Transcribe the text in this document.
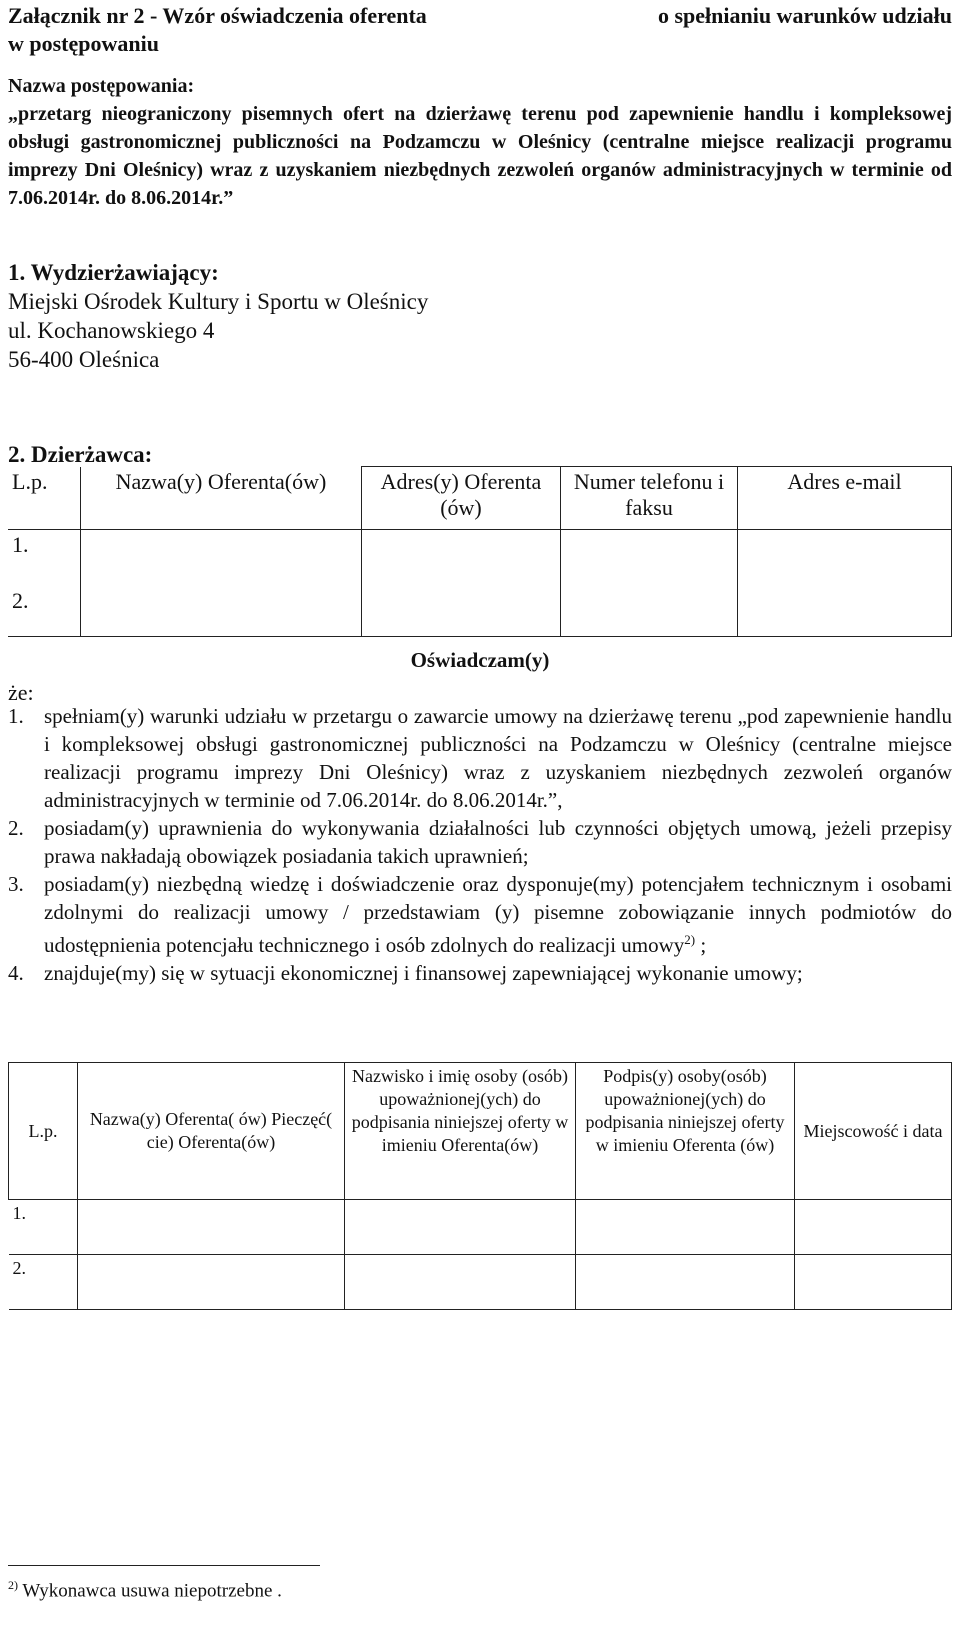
Załącznik nr 2 - Wzór oświadczenia oferenta	o spełnianiu warunków udziału
w postępowaniu
Nazwa postępowania:
„przetarg nieograniczony pisemnych ofert na dzierżawę terenu pod zapewnienie handlu i kompleksowej obsługi gastronomicznej publiczności na Podzamczu w Oleśnicy (centralne miejsce realizacji programu imprezy Dni Oleśnicy) wraz z uzyskaniem niezbędnych zezwoleń organów administracyjnych w terminie od 7.06.2014r. do 8.06.2014r.”
1. Wydzierżawiający:
Miejski Ośrodek Kultury i Sportu w Oleśnicy
ul. Kochanowskiego 4
56-400 Oleśnica
2. Dzierżawca:
L.p.	Nazwa(y) Oferenta(ów)	Adres(y) Oferenta (ów)	Numer telefonu i faksu	Adres e-mail
1.				
2.				
Oświadczam(y)
że:
1. spełniam(y) warunki udziału w przetargu o zawarcie umowy na dzierżawę terenu „pod zapewnienie handlu i kompleksowej obsługi gastronomicznej publiczności na Podzamczu w Oleśnicy (centralne miejsce realizacji programu imprezy Dni Oleśnicy) wraz z uzyskaniem niezbędnych zezwoleń organów administracyjnych w terminie od 7.06.2014r. do 8.06.2014r.”,
2. posiadam(y) uprawnienia do wykonywania działalności lub czynności objętych umową, jeżeli przepisy prawa nakładają obowiązek posiadania takich uprawnień;
3. posiadam(y) niezbędną wiedzę i doświadczenie oraz dysponuje(my) potencjałem technicznym i osobami zdolnymi do realizacji umowy / przedstawiam (y) pisemne zobowiązanie innych podmiotów do udostępnienia potencjału technicznego i osób zdolnych do realizacji umowy$^{2)}$ ;
4. znajduje(my) się w sytuacji ekonomicznej i finansowej zapewniającej wykonanie umowy;
L.p.	Nazwa(y) Oferenta( ów) Pieczęć( cie) Oferenta(ów)	Nazwisko i imię osoby (osób) upoważnionej(ych) do podpisania niniejszej oferty w imieniu Oferenta(ów)	Podpis(y) osoby(osób) upoważnionej(ych) do podpisania niniejszej oferty w imieniu Oferenta (ów)	Miejscowość i data
1.				
2.				
$^{2)}$ Wykonawca usuwa niepotrzebne .
